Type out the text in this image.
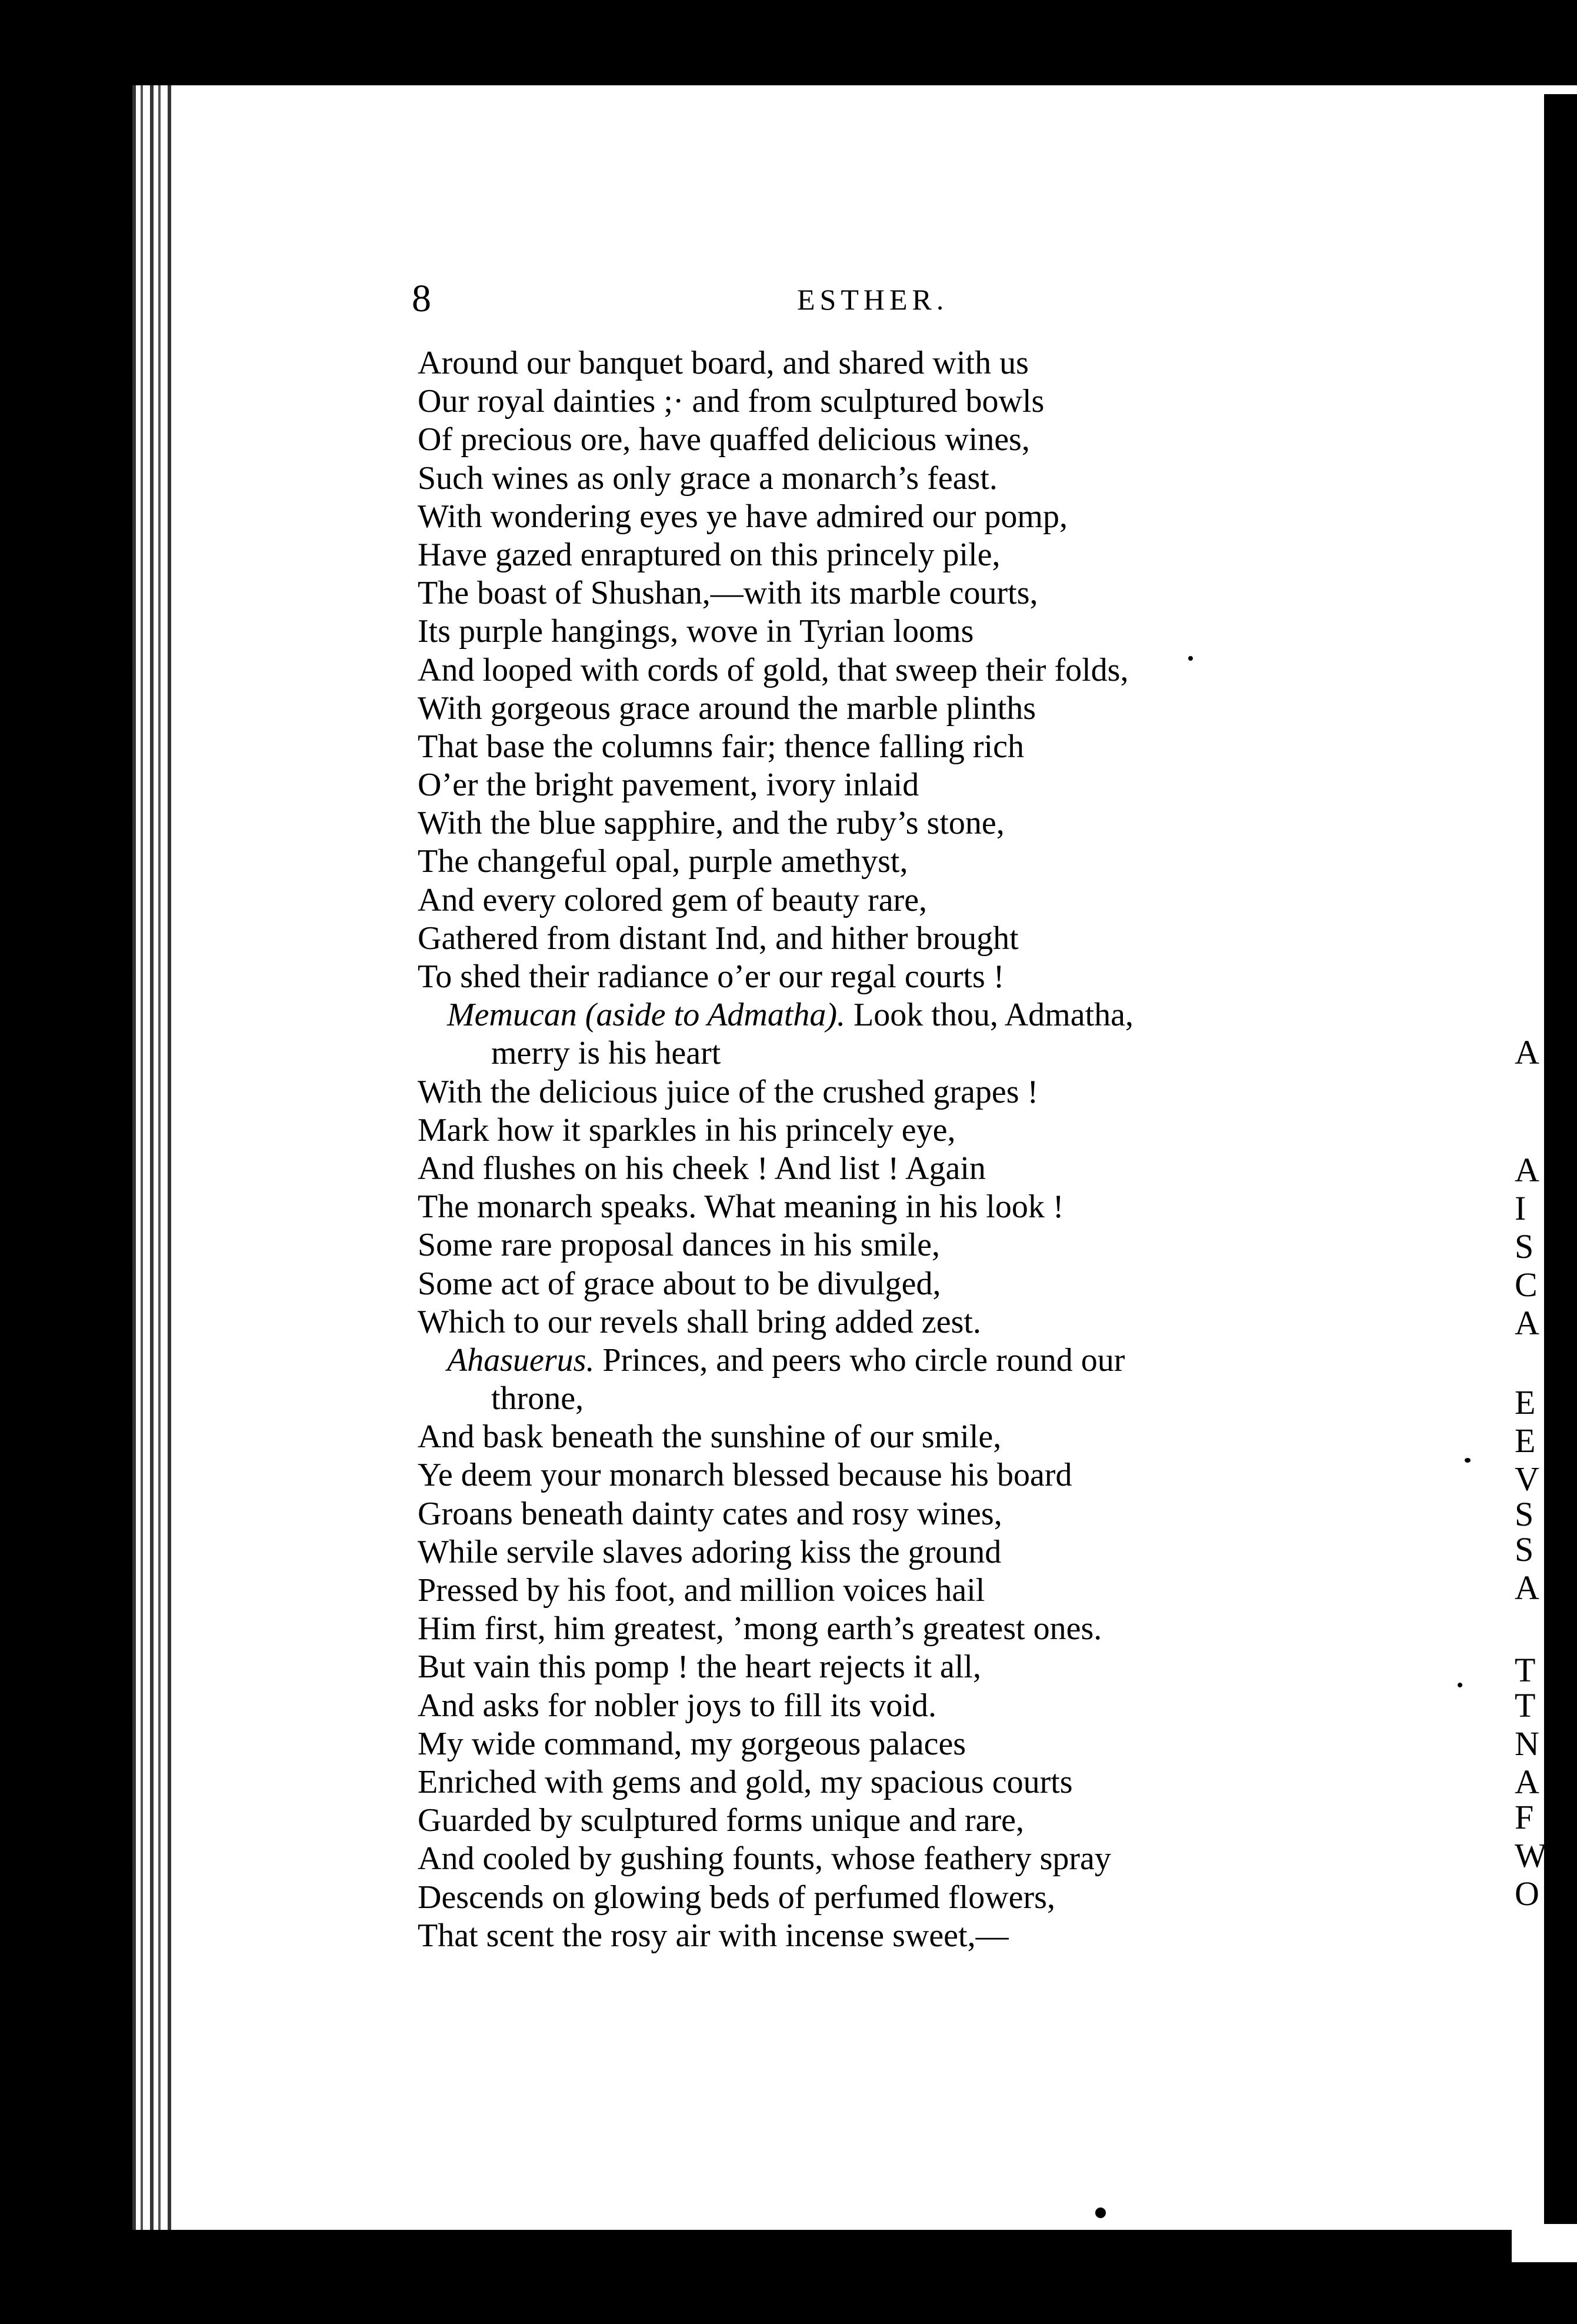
A
A
I
S
C
A
E
E
V
S
S
A
T
T
N
A
F
W
O
8	ESTHER.
Around our banquet board, and shared with us
Our royal dainties ;· and from sculptured bowls
Of precious ore, have quaffed delicious wines,
Such wines as only grace a monarch’s feast.
With wondering eyes ye have admired our pomp,
Have gazed enraptured on this princely pile,
The boast of Shushan,—with its marble courts,
Its purple hangings, wove in Tyrian looms
And looped with cords of gold, that sweep their folds,
With gorgeous grace around the marble plinths
That base the columns fair; thence falling rich
O’er the bright pavement, ivory inlaid
With the blue sapphire, and the ruby’s stone,
The changeful opal, purple amethyst,
And every colored gem of beauty rare,
Gathered from distant Ind, and hither brought
To shed their radiance o’er our regal courts !
Memucan (aside to Admatha). Look thou, Admatha,
merry is his heart
With the delicious juice of the crushed grapes !
Mark how it sparkles in his princely eye,
And flushes on his cheek ! And list ! Again
The monarch speaks. What meaning in his look !
Some rare proposal dances in his smile,
Some act of grace about to be divulged,
Which to our revels shall bring added zest.
Ahasuerus. Princes, and peers who circle round our
throne,
And bask beneath the sunshine of our smile,
Ye deem your monarch blessed because his board
Groans beneath dainty cates and rosy wines,
While servile slaves adoring kiss the ground
Pressed by his foot, and million voices hail
Him first, him greatest, ’mong earth’s greatest ones.
But vain this pomp ! the heart rejects it all,
And asks for nobler joys to fill its void.
My wide command, my gorgeous palaces
Enriched with gems and gold, my spacious courts
Guarded by sculptured forms unique and rare,
And cooled by gushing founts, whose feathery spray
Descends on glowing beds of perfumed flowers,
That scent the rosy air with incense sweet,—
